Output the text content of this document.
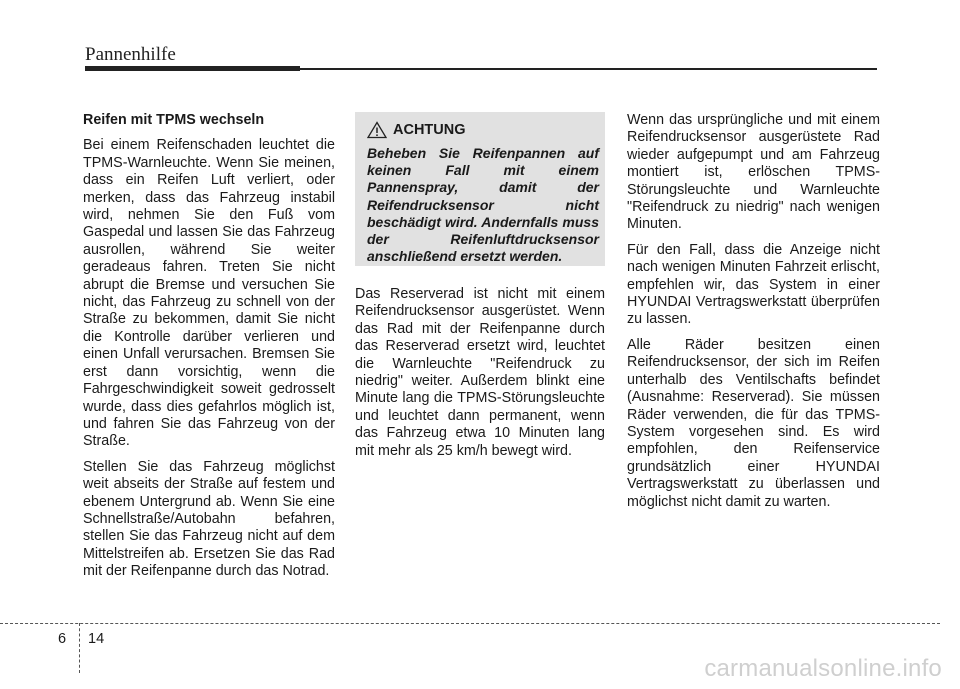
Pannenhilfe

Reifen mit TPMS wechseln

Bei einem Reifenschaden leuchtet die TPMS-Warnleuchte. Wenn Sie meinen, dass ein Reifen Luft verliert, oder merken, dass das Fahrzeug instabil wird, nehmen Sie den Fuß vom Gaspedal und lassen Sie das Fahrzeug ausrollen, während Sie weiter geradeaus fahren. Treten Sie nicht abrupt die Bremse und versuchen Sie nicht, das Fahrzeug zu schnell von der Straße zu bekommen, damit Sie nicht die Kontrolle darüber verlieren und einen Unfall verursachen. Bremsen Sie erst dann vorsichtig, wenn die Fahrgeschwindigkeit soweit gedrosselt wurde, dass dies gefahrlos möglich ist, und fahren Sie das Fahrzeug von der Straße.

Stellen Sie das Fahrzeug möglichst weit abseits der Straße auf festem und ebenem Untergrund ab. Wenn Sie eine Schnellstraße/Autobahn befahren, stellen Sie das Fahrzeug nicht auf dem Mittelstreifen ab. Ersetzen Sie das Rad mit der Reifenpanne durch das Notrad.

ACHTUNG

Beheben Sie Reifenpannen auf keinen Fall mit einem Pannenspray, damit der Reifendrucksensor nicht beschädigt wird. Andernfalls muss der Reifenluftdrucksensor anschließend ersetzt werden.

Das Reserverad ist nicht mit einem Reifendrucksensor ausgerüstet. Wenn das Rad mit der Reifenpanne durch das Reserverad ersetzt wird, leuchtet die Warnleuchte "Reifendruck zu niedrig" weiter. Außerdem blinkt eine Minute lang die TPMS-Störungsleuchte und leuchtet dann permanent, wenn das Fahrzeug etwa 10 Minuten lang mit mehr als 25 km/h bewegt wird.

Wenn das ursprüngliche und mit einem Reifendrucksensor ausgerüstete Rad wieder aufgepumpt und am Fahrzeug montiert ist, erlöschen TPMS-Störungsleuchte und Warnleuchte "Reifendruck zu niedrig" nach wenigen Minuten.

Für den Fall, dass die Anzeige nicht nach wenigen Minuten Fahrzeit erlischt, empfehlen wir, das System in einer HYUNDAI Vertragswerkstatt überprüfen zu lassen.

Alle Räder besitzen einen Reifendrucksensor, der sich im Reifen unterhalb des Ventilschafts befindet (Ausnahme: Reserverad). Sie müssen Räder verwenden, die für das TPMS-System vorgesehen sind. Es wird empfohlen, den Reifenservice grundsätzlich einer HYUNDAI Vertragswerkstatt zu überlassen und möglichst nicht damit zu warten.

6 14
carmanualsonline.info
